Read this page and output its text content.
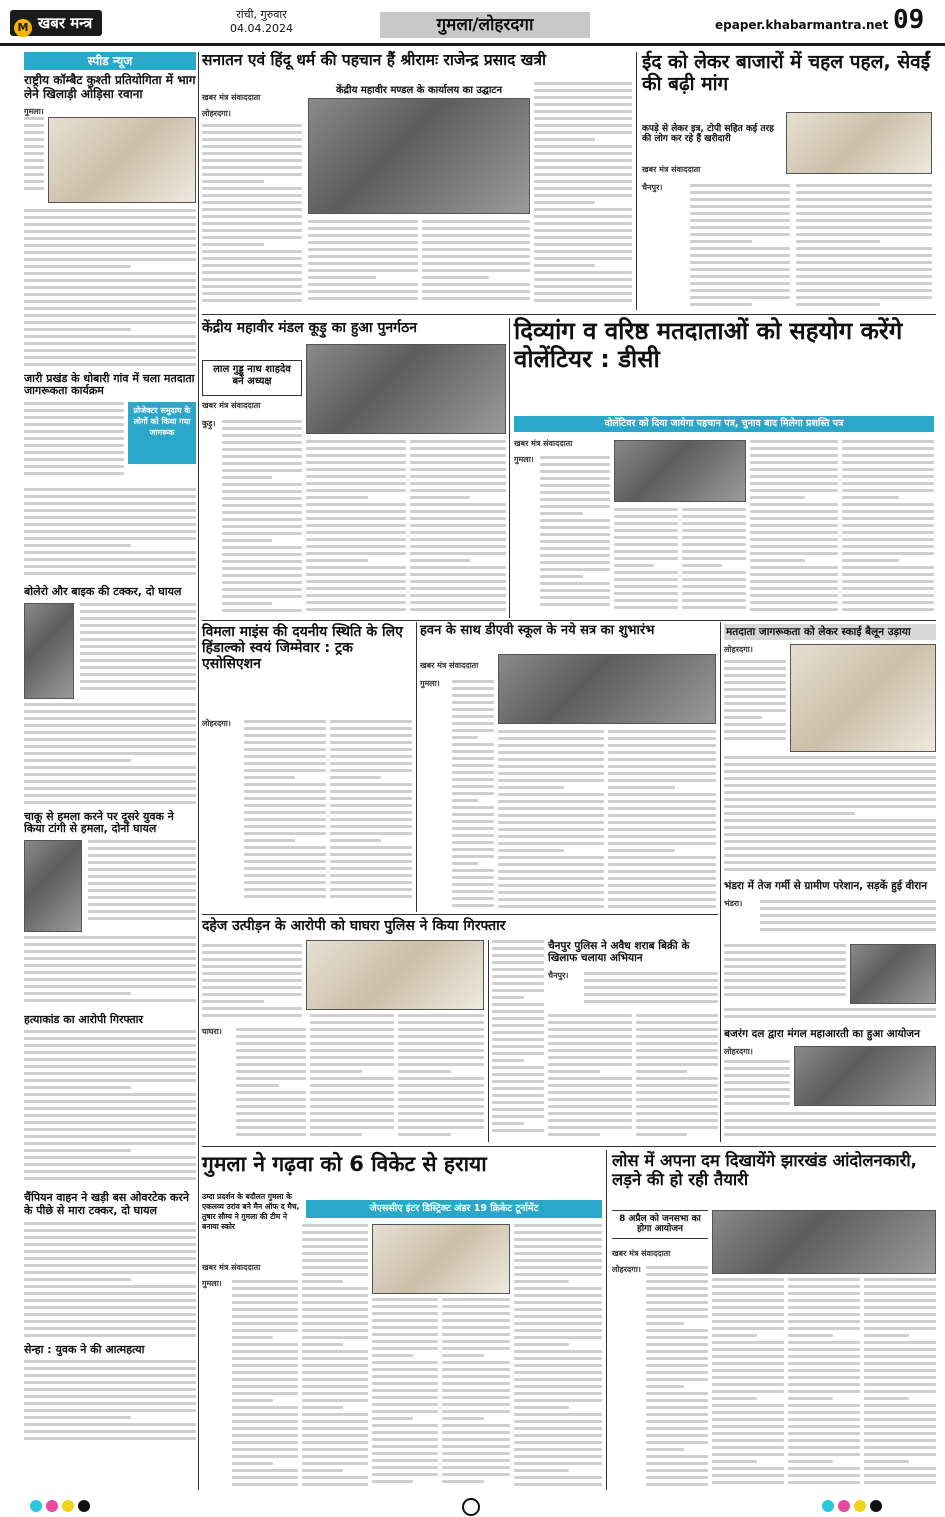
M खबर मन्त्र	रांची, गुरुवार
04.04.2024	गुमला/लोहरदगा	epaper.khabarmantra.net 09
स्पीड न्यूज
राष्ट्रीय कॉम्बैट कुश्ती प्रतियोगिता में भाग लेने खिलाड़ी ओड़िसा रवाना
गुमला।
जारी प्रखंड के धोबारी गांव में चला मतदाता जागरूकता कार्यक्रम
प्रोजेक्टर समुदाय के लोगों को किया गया जागरूक
बोलेरो और बाइक की टक्कर, दो घायल
चाकू से हमला करने पर दूसरे युवक ने किया टांगी से हमला, दोनों घायल
हत्याकांड का आरोपी गिरफ्तार
चैंपियन वाहन ने खड़ी बस ओवरटेक करने के पीछे से मारा टक्कर, दो घायल
सेन्हा : युवक ने की आत्महत्या
सनातन एवं हिंदू धर्म की पहचान हैं श्रीरामः राजेन्द्र प्रसाद खत्री
खबर मंत्र संवाददाता
लोहरदगा।
केंद्रीय महावीर मण्डल के कार्यालय का उद्घाटन
ईद को लेकर बाजारों में चहल पहल, सेवईं की बढ़ी मांग
कपड़े से लेकर इत्र, टोपी सहित कई तरह की लोग कर रहे हैं खरीदारी
खबर मंत्र संवाददाता
चैनपुर।
केंद्रीय महावीर मंडल कूड़ु का हुआ पुनर्गठन
लाल गुड्डू नाथ शाहदेव बने अध्यक्ष
खबर मंत्र संवाददाता
कुड़ु।
दिव्यांग व वरिष्ठ मतदाताओं को सहयोग करेंगे वोलेंटियर : डीसी
वोलेंटियर को दिया जायेगा पहचान पत्र, चुनाव बाद मिलेगा प्रशस्ति पत्र
खबर मंत्र संवाददाता
गुमला।
विमला माइंस की दयनीय स्थिति के लिए हिंडाल्को स्वयं जिम्मेवार : ट्रक एसोसिएशन
लोहरदगा।
हवन के साथ डीएवी स्कूल के नये सत्र का शुभारंभ
खबर मंत्र संवाददाता
गुमला।
मतदाता जागरूकता को लेकर स्काई बैलून उड़ाया
लोहरदगा।
भंडरा में तेज गर्मी से ग्रामीण परेशान, सड़कें हुई वीरान
भंडरा।
बजरंग दल द्वारा मंगल महाआरती का हुआ आयोजन
लोहरदगा।
दहेज उत्पीड़न के आरोपी को घाघरा पुलिस ने किया गिरफ्तार
घाघरा।
चैनपुर पुलिस ने अवैध शराब बिक्री के खिलाफ चलाया अभियान
चैनपुर।
गुमला ने गढ़वा को 6 विकेट से हराया
उम्दा प्रदर्शन के बदौलत गुमला के एकलव्य उरांव बने मैन ऑफ द मैच, तुषार सौम्य ने गुमला की टीम ने बनाया स्कोर
जेएससीए इंटर डिस्ट्रिक्ट अंडर 19 क्रिकेट टूर्नामेंट
खबर मंत्र संवाददाता
गुमला।
लोस में अपना दम दिखायेंगे झारखंड आंदोलनकारी, लड़ने की हो रही तैयारी
8 अप्रैल को जनसभा का होगा आयोजन
खबर मंत्र संवाददाता
लोहरदगा।
